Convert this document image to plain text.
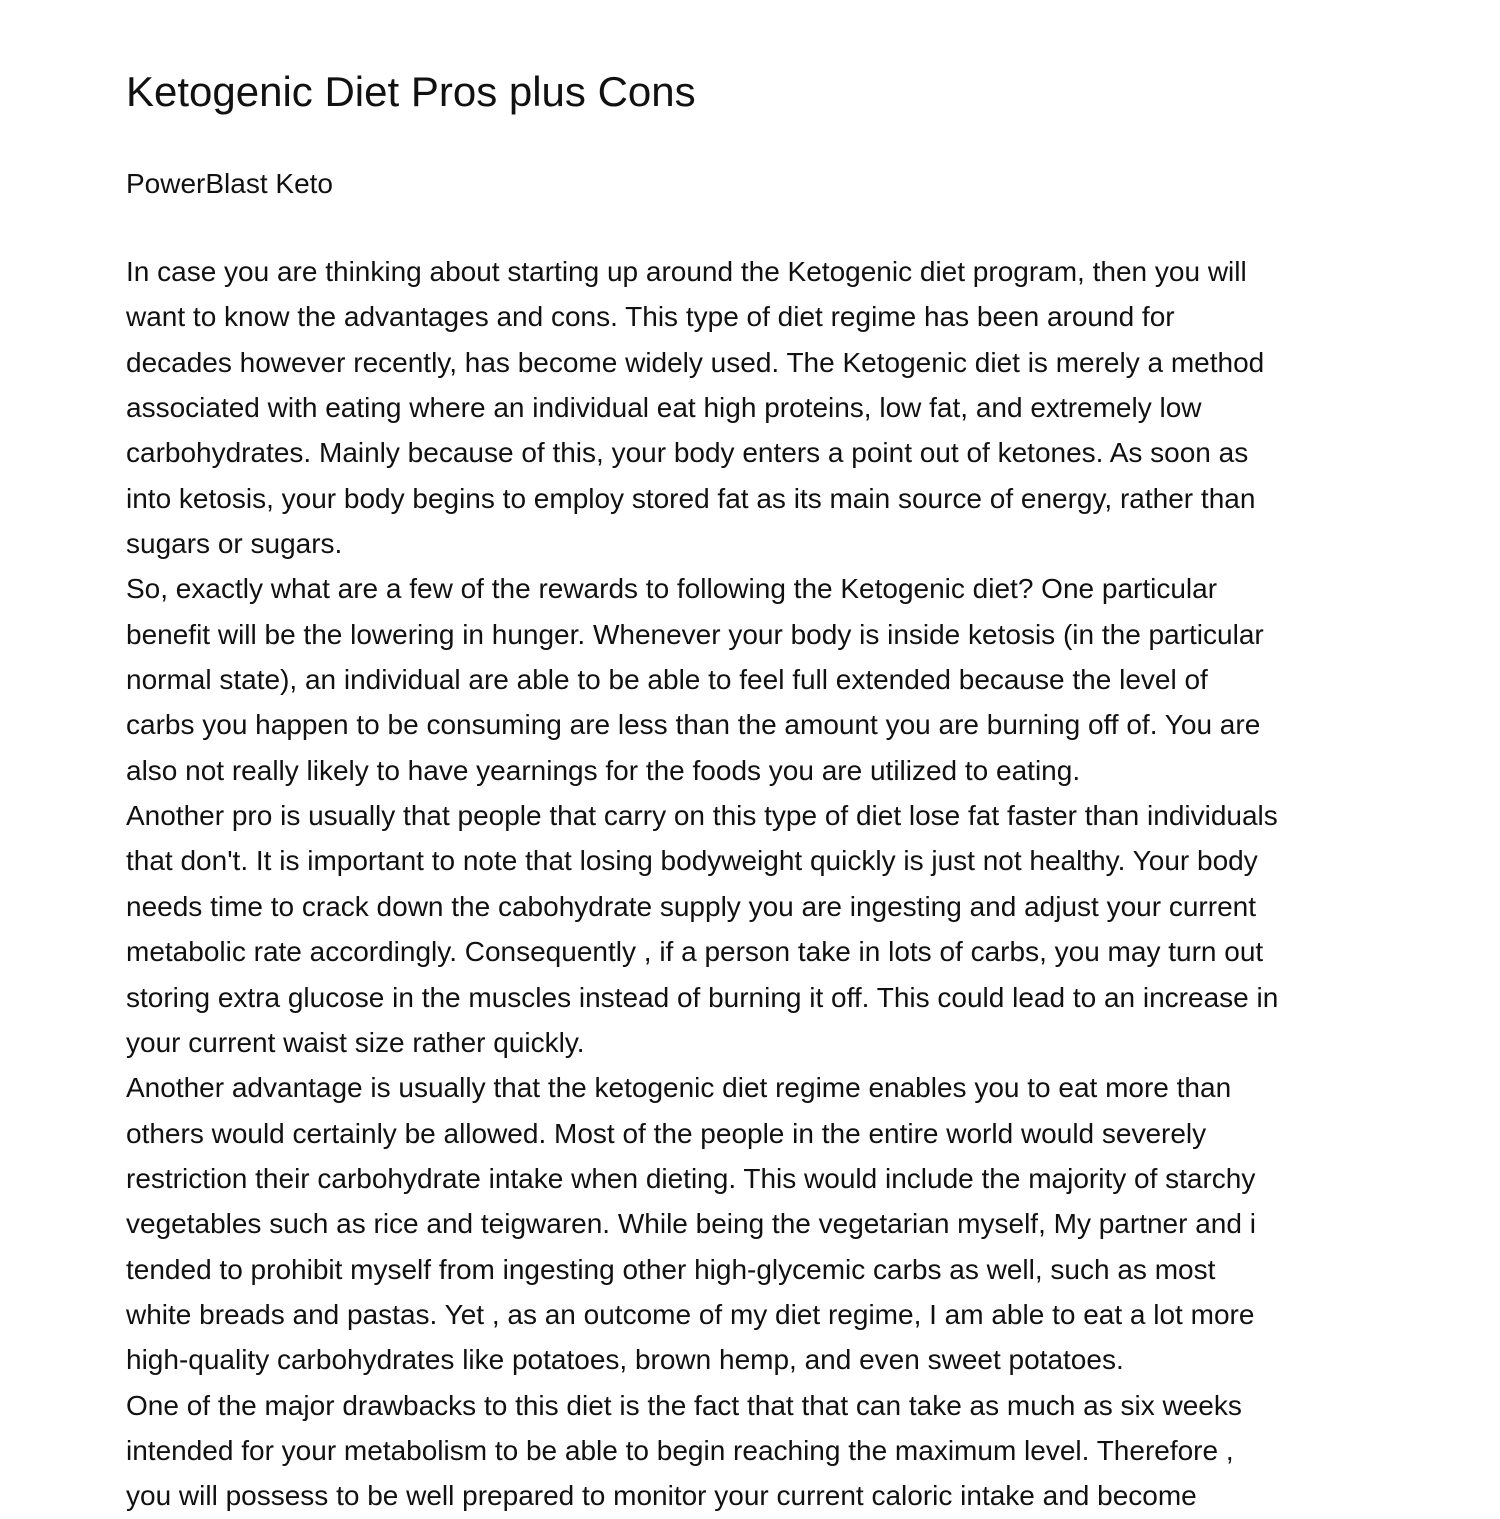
Ketogenic Diet Pros plus Cons

PowerBlast Keto

In case you are thinking about starting up around the Ketogenic diet program, then you will
want to know the advantages and cons. This type of diet regime has been around for
decades however recently, has become widely used. The Ketogenic diet is merely a method
associated with eating where an individual eat high proteins, low fat, and extremely low
carbohydrates. Mainly because of this, your body enters a point out of ketones. As soon as
into ketosis, your body begins to employ stored fat as its main source of energy, rather than
sugars or sugars.
So, exactly what are a few of the rewards to following the Ketogenic diet? One particular
benefit will be the lowering in hunger. Whenever your body is inside ketosis (in the particular
normal state), an individual are able to be able to feel full extended because the level of
carbs you happen to be consuming are less than the amount you are burning off of. You are
also not really likely to have yearnings for the foods you are utilized to eating.
Another pro is usually that people that carry on this type of diet lose fat faster than individuals
that don't. It is important to note that losing bodyweight quickly is just not healthy. Your body
needs time to crack down the cabohydrate supply you are ingesting and adjust your current
metabolic rate accordingly. Consequently , if a person take in lots of carbs, you may turn out
storing extra glucose in the muscles instead of burning it off. This could lead to an increase in
your current waist size rather quickly.
Another advantage is usually that the ketogenic diet regime enables you to eat more than
others would certainly be allowed. Most of the people in the entire world would severely
restriction their carbohydrate intake when dieting. This would include the majority of starchy
vegetables such as rice and teigwaren. While being the vegetarian myself, My partner and i
tended to prohibit myself from ingesting other high-glycemic carbs as well, such as most
white breads and pastas. Yet , as an outcome of my diet regime, I am able to eat a lot more
high-quality carbohydrates like potatoes, brown hemp, and even sweet potatoes.
One of the major drawbacks to this diet is the fact that that can take as much as six weeks
intended for your metabolism to be able to begin reaching the maximum level. Therefore ,
you will possess to be well prepared to monitor your current caloric intake and become
